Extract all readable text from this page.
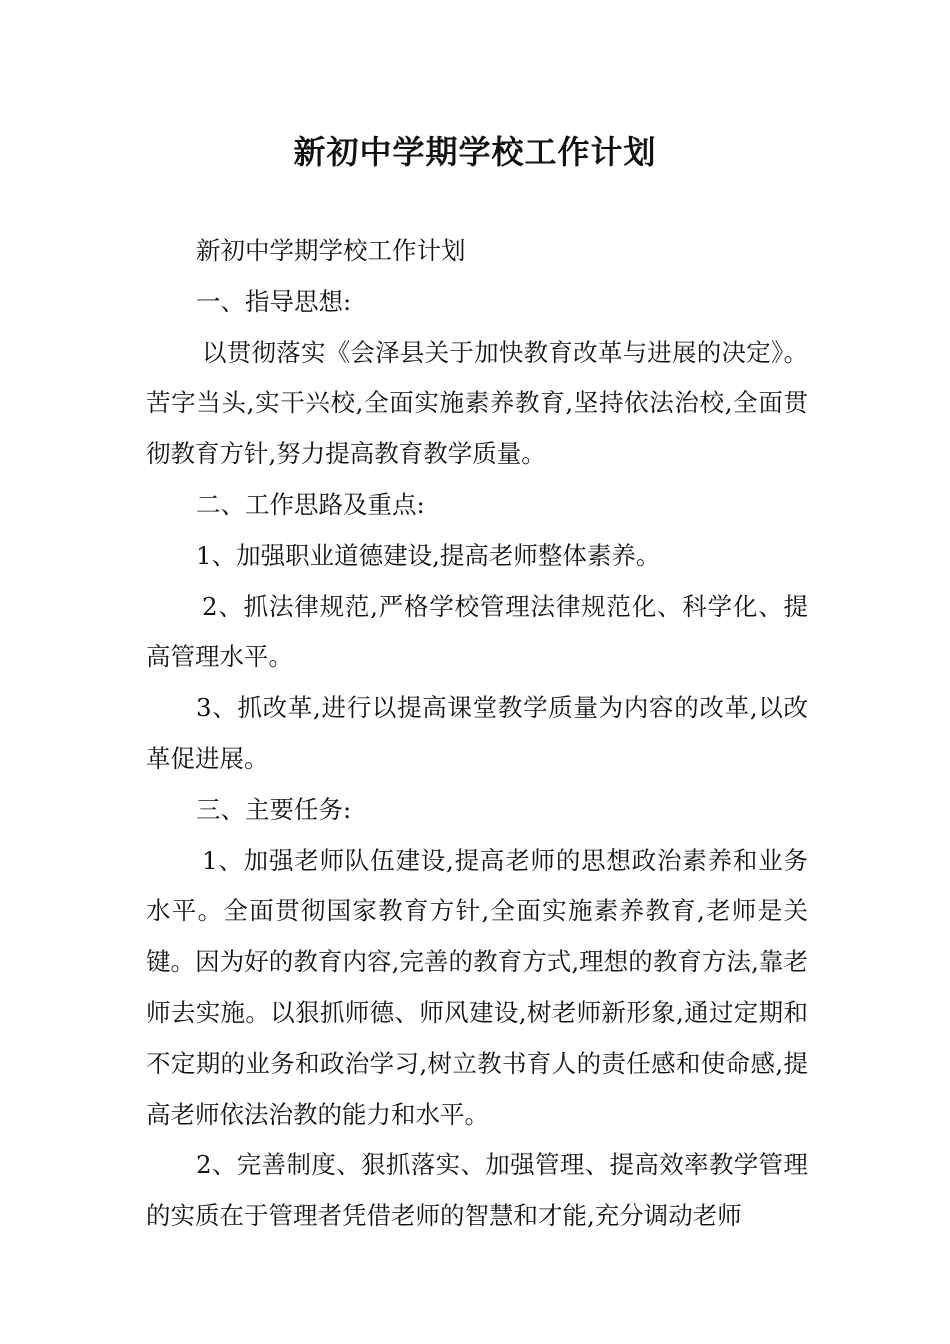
新初中学期学校工作计划

新初中学期学校工作计划

一、指导思想:

以贯彻落实《会泽县关于加快教育改革与进展的决定》。苦字当头,实干兴校,全面实施素养教育,坚持依法治校,全面贯彻教育方针,努力提高教育教学质量。

二、工作思路及重点:

1、加强职业道德建设,提高老师整体素养。

2、抓法律规范,严格学校管理法律规范化、科学化、提高管理水平。

3、抓改革,进行以提高课堂教学质量为内容的改革,以改革促进展。

三、主要任务:

1、加强老师队伍建设,提高老师的思想政治素养和业务水平。全面贯彻国家教育方针,全面实施素养教育,老师是关键。因为好的教育内容,完善的教育方式,理想的教育方法,靠老师去实施。以狠抓师德、师风建设,树老师新形象,通过定期和不定期的业务和政治学习,树立教书育人的责任感和使命感,提高老师依法治教的能力和水平。

2、完善制度、狠抓落实、加强管理、提高效率教学管理的实质在于管理者凭借老师的智慧和才能,充分调动老师
